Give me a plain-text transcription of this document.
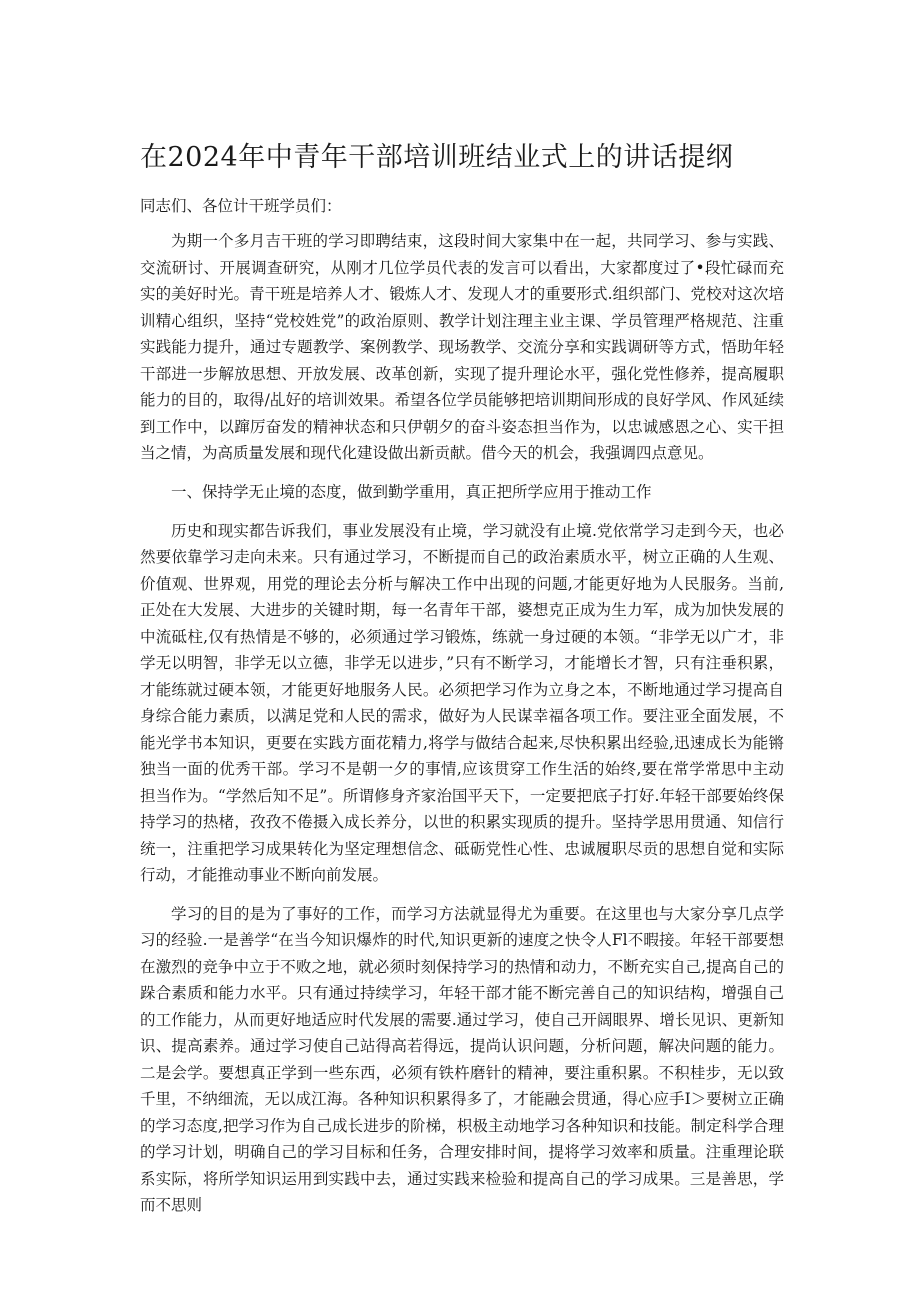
在2024年中青年干部培训班结业式上的讲话提纲

同志们、各位计干班学员们：

为期一个多月吉干班的学习即聘结束，这段时间大家集中在一起，共同学习、参与实践、交流研讨、开展调查研究，从刚才几位学员代表的发言可以看出，大家都度过了•段忙碌而充实的美好时光。青干班是培养人才、锻炼人才、发现人才的重要形式.组织部门、党校对这次培训精心组织，坚持“党校姓党”的政治原则、教学计划注理主业主课、学员管理严格规范、注重实践能力提升，通过专题教学、案例教学、现场教学、交流分享和实践调研等方式，悟助年轻干部进一步解放思想、开放发展、改革创新，实现了提升理论水平，强化党性修养，提高履职能力的目的，取得/乩好的培训效果。希望各位学员能够把培训期间形成的良好学风、作风延续到工作中，以蹿厉奋发的精神状态和只伊朝夕的奋斗姿态担当作为，以忠诚感恩之心、实干担当之情，为高质量发展和现代化建设做出新贡献。借今天的机会，我强调四点意见。

一、保持学无止境的态度，做到勤学重用，真正把所学应用于推动工作

历史和现实都告诉我们，事业发展没有止境，学习就没有止境.党依常学习走到今天，也必然要依靠学习走向未来。只有通过学习，不断提而自己的政治素质水平，树立正确的人生观、价值观、世界观，用党的理论去分析与解决工作中出现的问题,才能更好地为人民服务。当前,正处在大发展、大进步的关键时期，每一名青年干部，婆想克正成为生力军，成为加快发展的中流砥柱,仅有热情是不够的，必须通过学习锻炼，练就一身过硬的本领。“非学无以广才，非学无以明智，非学无以立德，非学无以进步，”只有不断学习，才能增长才智，只有注垂积累，才能练就过硬本领，才能更好地服务人民。必须把学习作为立身之本，不断地通过学习提高自身综合能力素质，以满足党和人民的需求，做好为人民谋幸福各项工作。要注亚全面发展，不能光学书本知识，更要在实践方面花精力,将学与做结合起来,尽快积累出经验,迅速成长为能锵独当一面的优秀干部。学习不是朝一夕的事情,应该贯穿工作生活的始终,要在常学常思中主动担当作为。“学然后知不足”。所谓修身齐家治国平天下，一定要把底子打好.年轻干部要始终保持学习的热楮，孜孜不倦摄入成长养分，以世的积累实现质的提升。坚持学思用贯通、知信行统一，注重把学习成果转化为坚定理想信念、砥砺党性心性、忠诚履职尽贡的思想自觉和实际行动，才能推动事业不断向前发展。

学习的目的是为了事好的工作，而学习方法就显得尤为重要。在这里也与大家分享几点学习的经验.一是善学“在当今知识爆炸的时代,知识更新的速度之快令人Fl不暇接。年轻干部要想在激烈的竞争中立于不败之地，就必须时刻保持学习的热情和动力，不断充实自己,提高自己的跺合素质和能力水平。只有通过持续学习，年轻干部才能不断完善自己的知识结构，增强自己的工作能力，从而更好地适应时代发展的需要.通过学习，使自己开阔眼界、增长见识、更新知识、提高素养。通过学习使自己站得高若得远，提尚认识问题，分析问题，解决问题的能力。二是会学。要想真正学到一些东西，必须有铁杵磨针的精神，要注重积累。不积桂步，无以致千里，不纳细流，无以成江海。各种知识积累得多了，才能融会贯通，得心应手I＞要树立正确的学习态度,把学习作为自己成长进步的阶梯，枳极主动地学习各种知识和技能。制定科学合理的学习计划，明确自己的学习目标和任务，合理安排时间，提将学习效率和质量。注重理论联系实际，将所学知识运用到实践中去，通过实践来检验和提高自己的学习成果。三是善思，学而不思则
